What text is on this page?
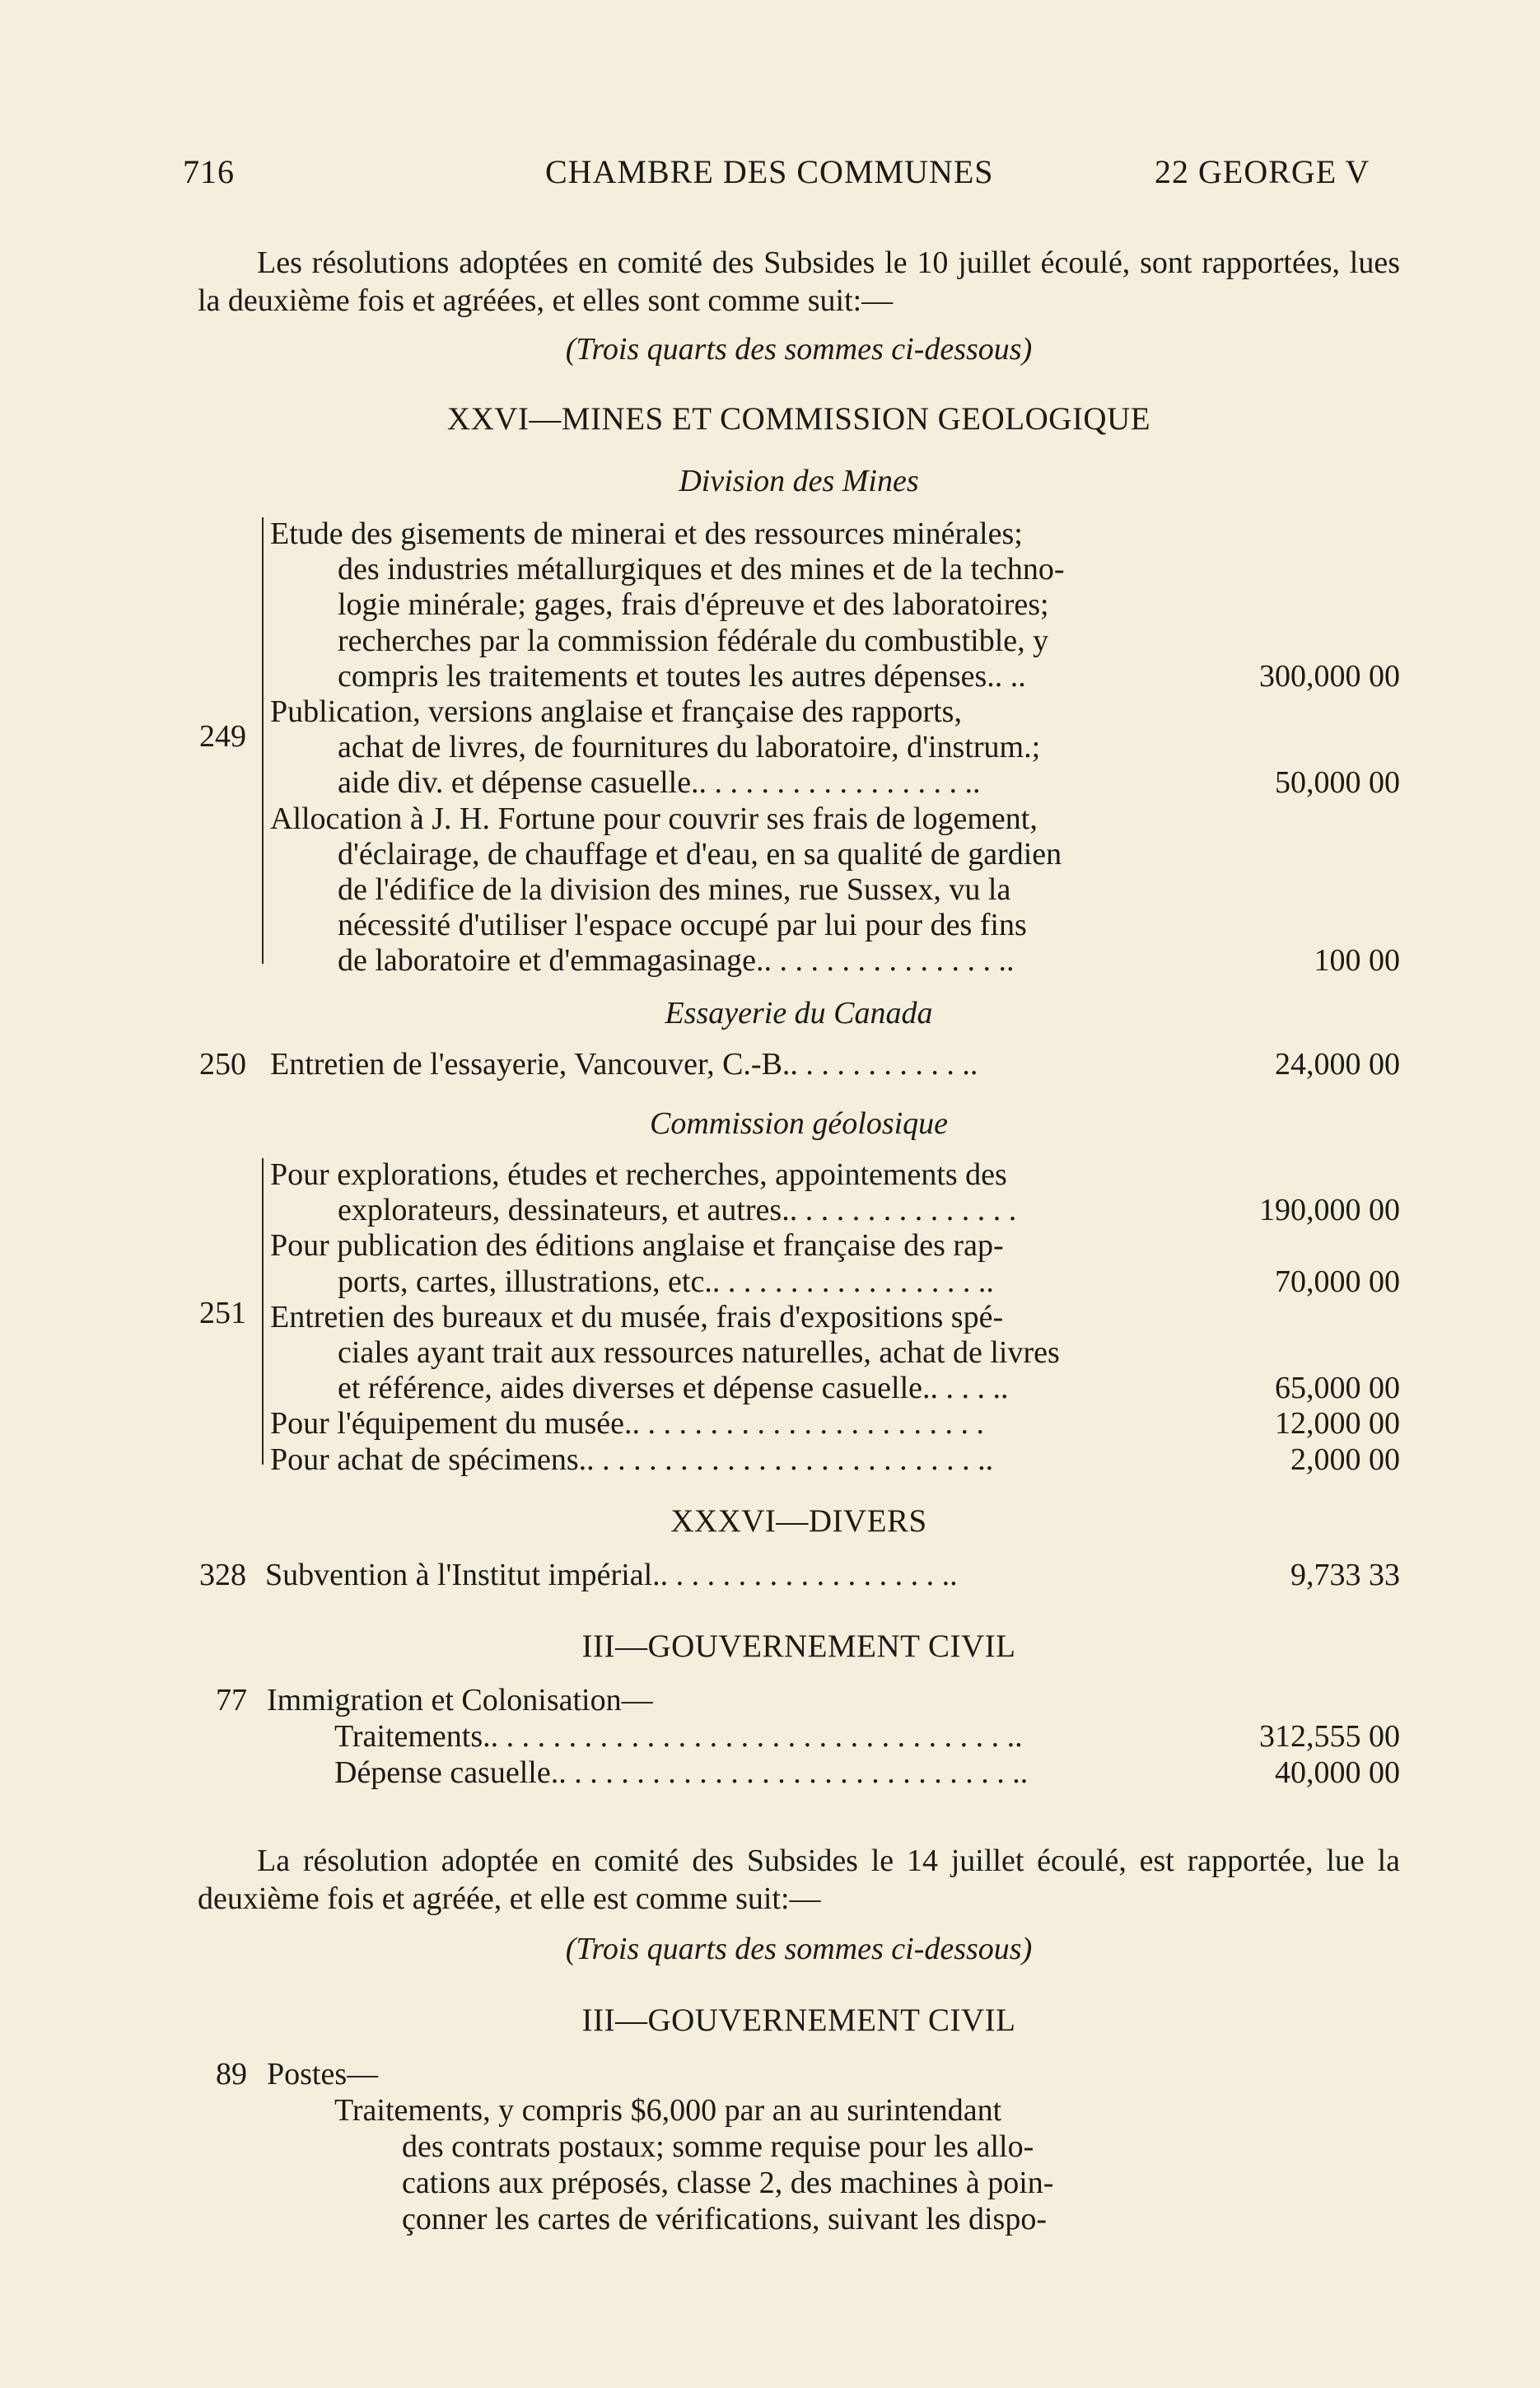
716	CHAMBRE DES COMMUNES	22 GEORGE V
Les résolutions adoptées en comité des Subsides le 10 juillet écoulé, sont rapportées, lues la deuxième fois et agréées, et elles sont comme suit:—
(Trois quarts des sommes ci-dessous)
XXVI—MINES ET COMMISSION GEOLOGIQUE
Division des Mines
249
Etude des gisements de minerai et des ressources minérales;
des industries métallurgiques et des mines et de la techno-
logie minérale; gages, frais d'épreuve et des laboratoires;
recherches par la commission fédérale du combustible, y
compris les traitements et toutes les autres dépenses.. ..	300,000 00
Publication, versions anglaise et française des rapports,
achat de livres, de fournitures du laboratoire, d'instrum.;
aide div. et dépense casuelle.. . . . . . . . . . . . . . . . . ..	50,000 00
Allocation à J. H. Fortune pour couvrir ses frais de logement,
d'éclairage, de chauffage et d'eau, en sa qualité de gardien
de l'édifice de la division des mines, rue Sussex, vu la
nécessité d'utiliser l'espace occupé par lui pour des fins
de laboratoire et d'emmagasinage.. . . . . . . . . . . . . . . ..	100 00
Essayerie du Canada
250 Entretien de l'essayerie, Vancouver, C.-B.. . . . . . . . . . . ..	24,000 00
Commission géolosique
251
Pour explorations, études et recherches, appointements des
explorateurs, dessinateurs, et autres.. . . . . . . . . . . . . . .	190,000 00
Pour publication des éditions anglaise et française des rap-
ports, cartes, illustrations, etc.. . . . . . . . . . . . . . . . . ..	70,000 00
Entretien des bureaux et du musée, frais d'expositions spé-
ciales ayant trait aux ressources naturelles, achat de livres
et référence, aides diverses et dépense casuelle.. . . . ..	65,000 00
Pour l'équipement du musée.. . . . . . . . . . . . . . . . . . . . . . .	12,000 00
Pour achat de spécimens.. . . . . . . . . . . . . . . . . . . . . . . . . ..	2,000 00
XXXVI—DIVERS
328 Subvention à l'Institut impérial.. . . . . . . . . . . . . . . . . . ..	9,733 33
III—GOUVERNEMENT CIVIL
77 Immigration et Colonisation—
Traitements.. . . . . . . . . . . . . . . . . . . . . . . . . . . . . . . . . ..	312,555 00
Dépense casuelle.. . . . . . . . . . . . . . . . . . . . . . . . . . . . . ..	40,000 00
La résolution adoptée en comité des Subsides le 14 juillet écoulé, est rapportée, lue la deuxième fois et agréée, et elle est comme suit:—
(Trois quarts des sommes ci-dessous)
III—GOUVERNEMENT CIVIL
89 Postes—
Traitements, y compris $6,000 par an au surintendant
des contrats postaux; somme requise pour les allo-
cations aux préposés, classe 2, des machines à poin-
çonner les cartes de vérifications, suivant les dispo-
